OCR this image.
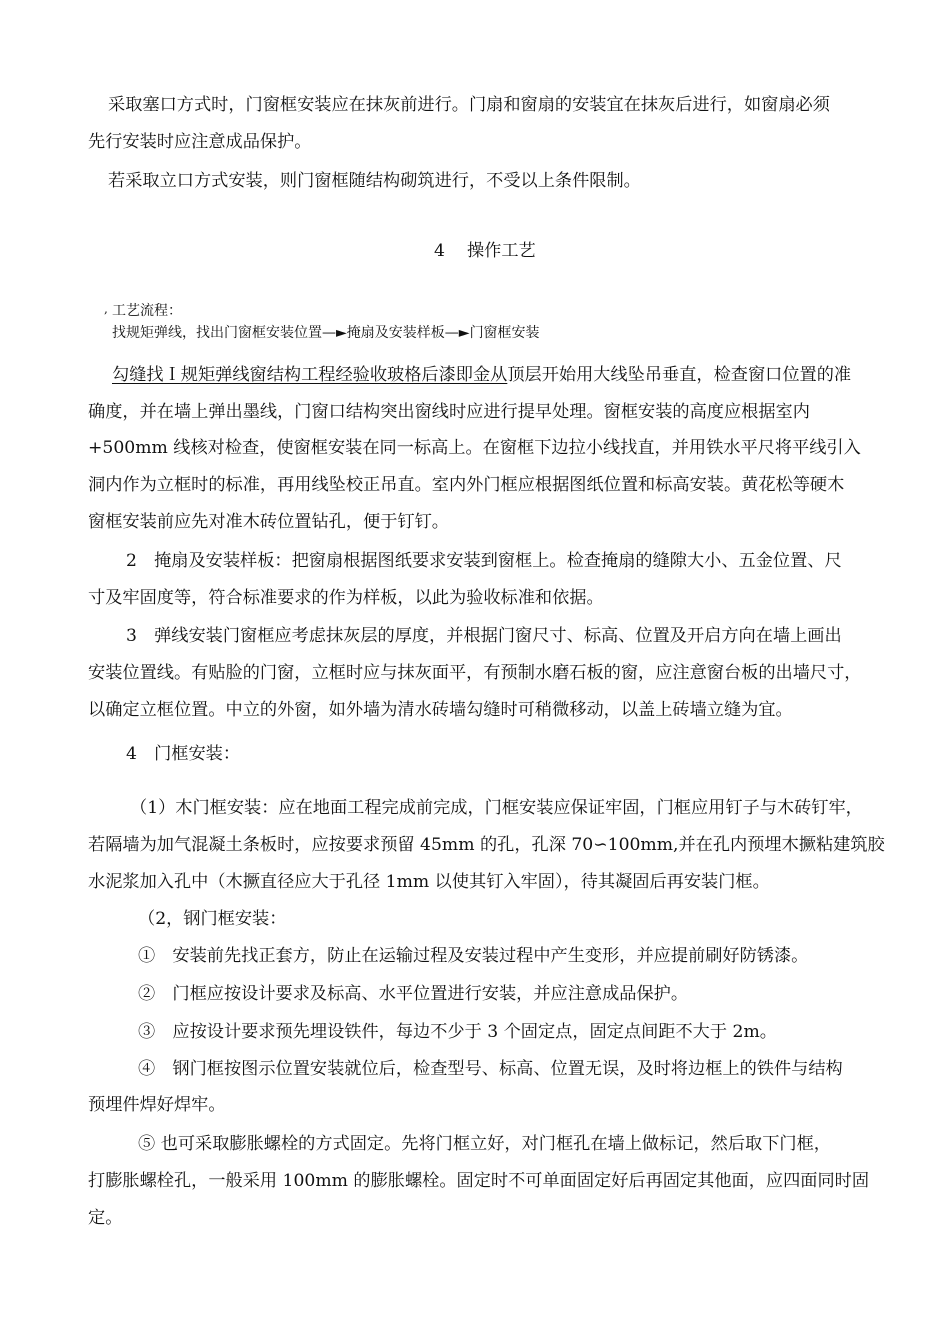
采取塞口方式时，门窗框安装应在抹灰前进行。门扇和窗扇的安装宜在抹灰后进行，如窗扇必须
先行安装时应注意成品保护。
若采取立口方式安装，则门窗框随结构砌筑进行，不受以上条件限制。
4 操作工艺
, 工艺流程：
找规矩弹线，找出门窗框安装位置—►掩扇及安装样板—►门窗框安装
勾缝找Ｉ规矩弹线窗结构工程经验收玻格后漆即金从顶层开始用大线坠吊垂直，检查窗口位置的准
确度，并在墙上弹出墨线，门窗口结构突出窗线时应进行提早处理。窗框安装的高度应根据室内
+500mm 线核对检查，使窗框安装在同一标高上。在窗框下边拉小线找直，并用铁水平尺将平线引入
洞内作为立框时的标准，再用线坠校正吊直。室内外门框应根据图纸位置和标高安装。黄花松等硬木
窗框安装前应先对准木砖位置钻孔，便于钉钉。
2　掩扇及安装样板：把窗扇根据图纸要求安装到窗框上。检查掩扇的缝隙大小、五金位置、尺
寸及牢固度等，符合标准要求的作为样板，以此为验收标准和依据。
3　弹线安装门窗框应考虑抹灰层的厚度，并根据门窗尺寸、标高、位置及开启方向在墙上画出
安装位置线。有贴脸的门窗，立框时应与抹灰面平，有预制水磨石板的窗，应注意窗台板的出墙尺寸，
以确定立框位置。中立的外窗，如外墙为清水砖墙勾缝时可稍微移动，以盖上砖墙立缝为宜。
4　门框安装：
（1）木门框安装：应在地面工程完成前完成，门框安装应保证牢固，门框应用钉子与木砖钉牢，
若隔墙为加气混凝土条板时，应按要求预留 45mm 的孔，孔深 70∽100mm,并在孔内预埋木撅粘建筑胶
水泥浆加入孔中（木撅直径应大于孔径 1mm 以使其钉入牢固），待其凝固后再安装门框。
（2，钢门框安装：
①　安装前先找正套方，防止在运输过程及安装过程中产生变形，并应提前刷好防锈漆。
②　门框应按设计要求及标高、水平位置进行安装，并应注意成品保护。
③　应按设计要求预先埋设铁件，每边不少于 3 个固定点，固定点间距不大于 2m。
④　钢门框按图示位置安装就位后，检查型号、标高、位置无误，及时将边框上的铁件与结构
预埋件焊好焊牢。
⑤ 也可采取膨胀螺栓的方式固定。先将门框立好，对门框孔在墙上做标记，然后取下门框，
打膨胀螺栓孔，一般采用 100mm 的膨胀螺栓。固定时不可单面固定好后再固定其他面，应四面同时固
定。
